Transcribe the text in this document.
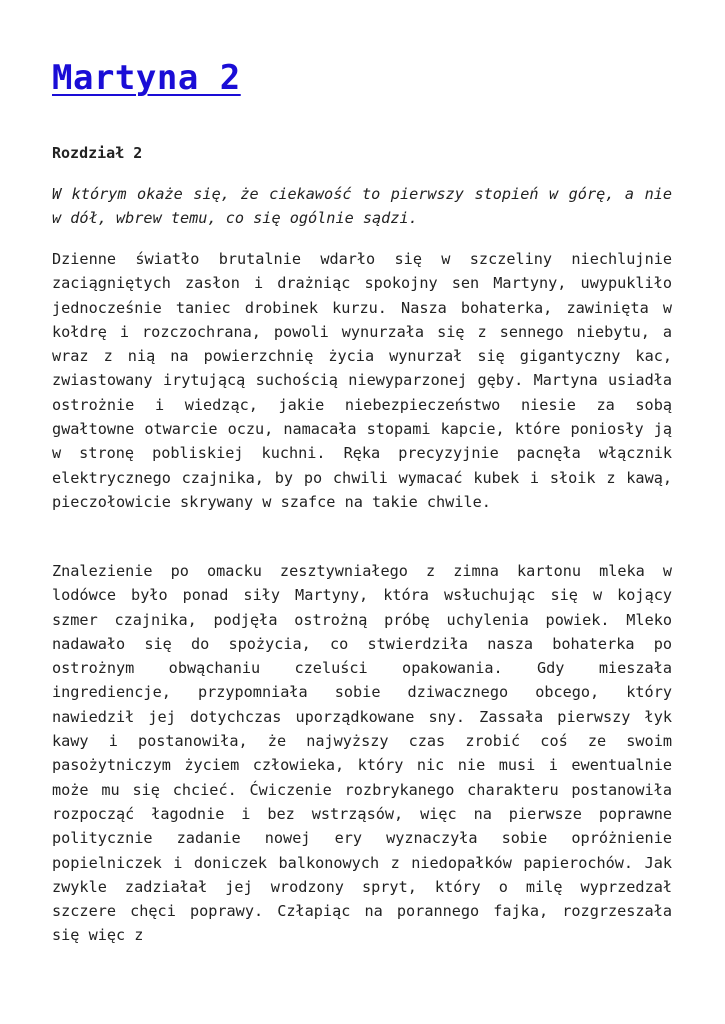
Martyna 2

Rozdział 2

W którym okaże się, że ciekawość to pierwszy stopień w górę, a nie w dół, wbrew temu, co się ogólnie sądzi.

Dzienne światło brutalnie wdarło się w szczeliny niechlujnie zaciągniętych zasłon i drażniąc spokojny sen Martyny, uwypukliło jednocześnie taniec drobinek kurzu. Nasza bohaterka, zawinięta w kołdrę i rozczochrana, powoli wynurzała się z sennego niebytu, a wraz z nią na powierzchnię życia wynurzał się gigantyczny kac, zwiastowany irytującą suchością niewyparzonej gęby. Martyna usiadła ostrożnie i wiedząc, jakie niebezpieczeństwo niesie za sobą gwałtowne otwarcie oczu, namacała stopami kapcie, które poniosły ją w stronę pobliskiej kuchni. Ręka precyzyjnie pacnęła włącznik elektrycznego czajnika, by po chwili wymacać kubek i słoik z kawą, pieczołowicie skrywany w szafce na takie chwile.

Znalezienie po omacku zesztywniałego z zimna kartonu mleka w lodówce było ponad siły Martyny, która wsłuchując się w kojący szmer czajnika, podjęła ostrożną próbę uchylenia powiek. Mleko nadawało się do spożycia, co stwierdziła nasza bohaterka po ostrożnym obwąchaniu czeluści opakowania. Gdy mieszała ingrediencje, przypomniała sobie dziwacznego obcego, który nawiedził jej dotychczas uporządkowane sny. Zassała pierwszy łyk kawy i postanowiła, że najwyższy czas zrobić coś ze swoim pasożytniczym życiem człowieka, który nic nie musi i ewentualnie może mu się chcieć. Ćwiczenie rozbrykanego charakteru postanowiła rozpocząć łagodnie i bez wstrząsów, więc na pierwsze poprawne politycznie zadanie nowej ery wyznaczyła sobie opróżnienie popielniczek i doniczek balkonowych z niedopałków papierochów. Jak zwykle zadziałał jej wrodzony spryt, który o milę wyprzedzał szczere chęci poprawy. Człapiąc na porannego fajka, rozgrzeszała się więc z
